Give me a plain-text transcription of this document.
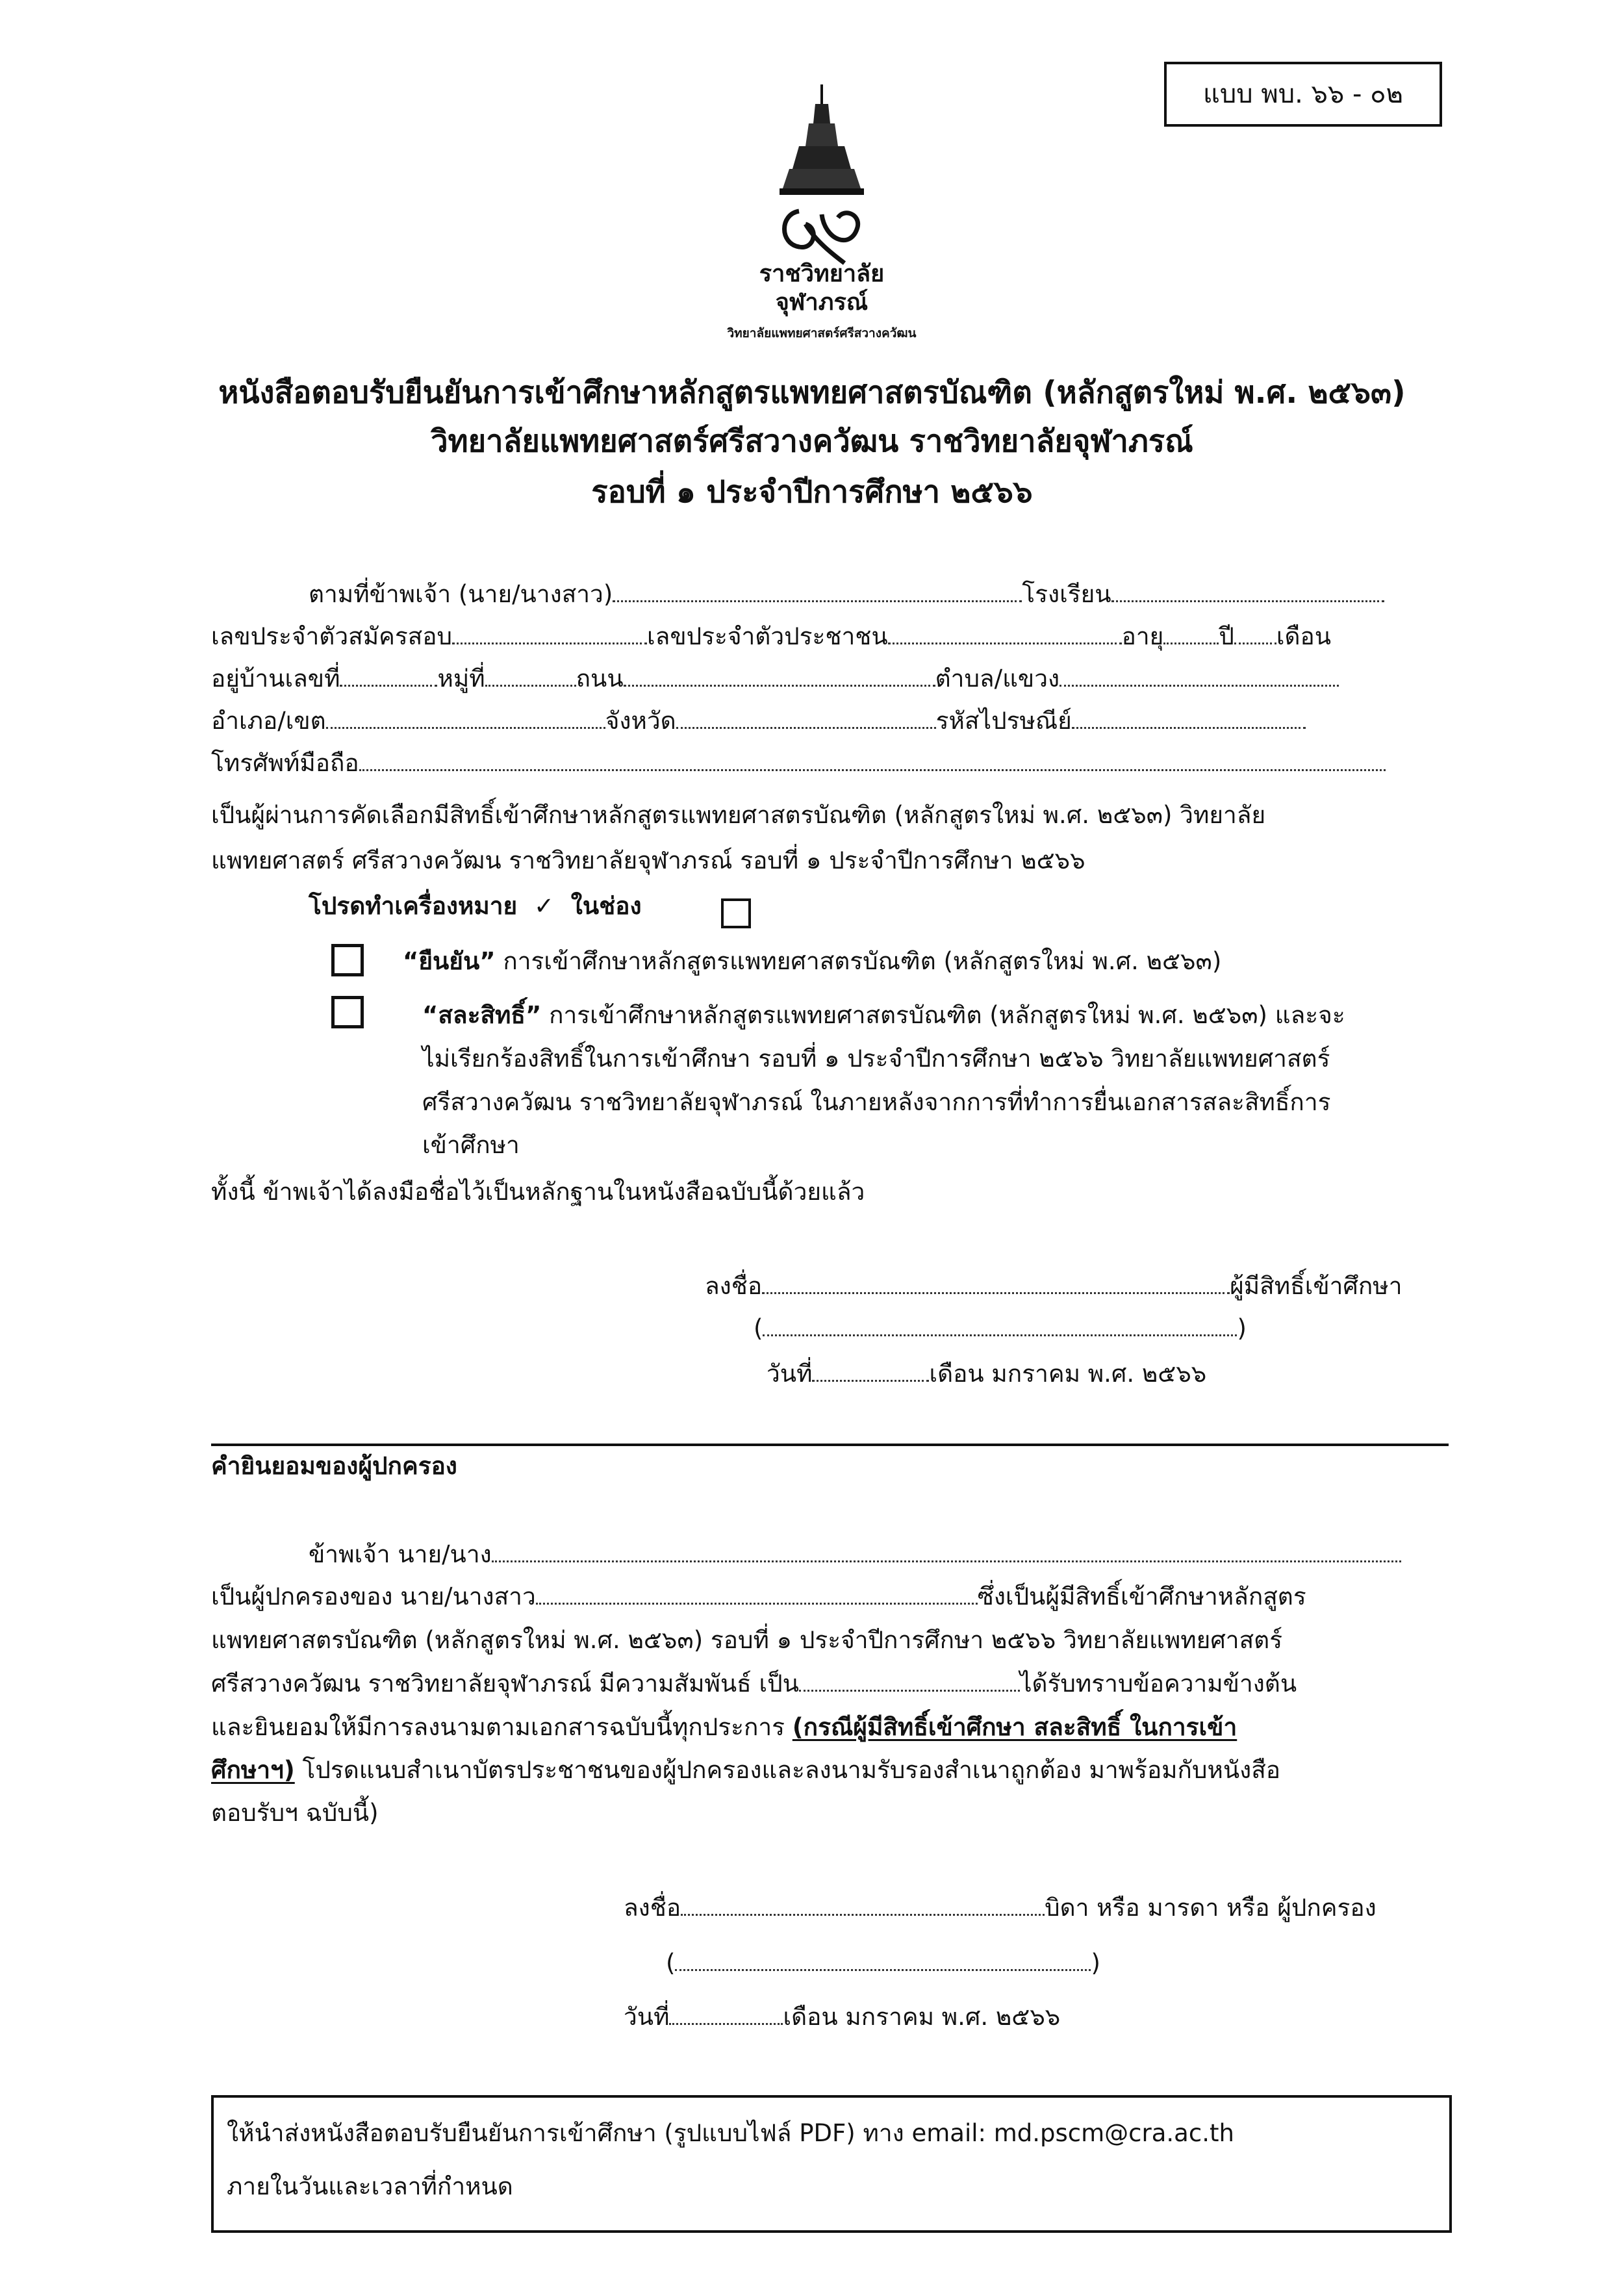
แบบ พบ. ๖๖ - ๐๒
ราชวิทยาลัย
จุฬาภรณ์
วิทยาลัยแพทยศาสตร์ศรีสวางควัฒน
หนังสือตอบรับยืนยันการเข้าศึกษาหลักสูตรแพทยศาสตรบัณฑิต (หลักสูตรใหม่ พ.ศ. ๒๕๖๓)
วิทยาลัยแพทยศาสตร์ศรีสวางควัฒน ราชวิทยาลัยจุฬาภรณ์
รอบที่ ๑ ประจำปีการศึกษา ๒๕๖๖
ตามที่ข้าพเจ้า (นาย/นางสาว)	โรงเรียน
เลขประจำตัวสมัครสอบ	เลขประจำตัวประชาชน	อายุ ปี เดือน
อยู่บ้านเลขที่	หมู่ที่	ถนน	ตำบล/แขวง
อำเภอ/เขต	จังหวัด	รหัสไปรษณีย์
โทรศัพท์มือถือ
เป็นผู้ผ่านการคัดเลือกมีสิทธิ์เข้าศึกษาหลักสูตรแพทยศาสตรบัณฑิต (หลักสูตรใหม่ พ.ศ. ๒๕๖๓) วิทยาลัย
แพทยศาสตร์ ศรีสวางควัฒน ราชวิทยาลัยจุฬาภรณ์ รอบที่ ๑ ประจำปีการศึกษา ๒๕๖๖
โปรดทำเครื่องหมาย ✓ ในช่อง
“ยืนยัน” การเข้าศึกษาหลักสูตรแพทยศาสตรบัณฑิต (หลักสูตรใหม่ พ.ศ. ๒๕๖๓)
“สละสิทธิ์” การเข้าศึกษาหลักสูตรแพทยศาสตรบัณฑิต (หลักสูตรใหม่ พ.ศ. ๒๕๖๓) และจะ
ไม่เรียกร้องสิทธิ์ในการเข้าศึกษา รอบที่ ๑ ประจำปีการศึกษา ๒๕๖๖ วิทยาลัยแพทยศาสตร์
ศรีสวางควัฒน ราชวิทยาลัยจุฬาภรณ์ ในภายหลังจากการที่ทำการยื่นเอกสารสละสิทธิ์การ
เข้าศึกษา
ทั้งนี้ ข้าพเจ้าได้ลงมือชื่อไว้เป็นหลักฐานในหนังสือฉบับนี้ด้วยแล้ว
ลงชื่อ	ผู้มีสิทธิ์เข้าศึกษา
(	)
วันที่	เดือน มกราคม พ.ศ. ๒๕๖๖
คำยินยอมของผู้ปกครอง
ข้าพเจ้า นาย/นาง
เป็นผู้ปกครองของ นาย/นางสาว	ซึ่งเป็นผู้มีสิทธิ์เข้าศึกษาหลักสูตร
แพทยศาสตรบัณฑิต (หลักสูตรใหม่ พ.ศ. ๒๕๖๓) รอบที่ ๑ ประจำปีการศึกษา ๒๕๖๖ วิทยาลัยแพทยศาสตร์
ศรีสวางควัฒน ราชวิทยาลัยจุฬาภรณ์ มีความสัมพันธ์ เป็น	ได้รับทราบข้อความข้างต้น
และยินยอมให้มีการลงนามตามเอกสารฉบับนี้ทุกประการ (กรณีผู้มีสิทธิ์เข้าศึกษา สละสิทธิ์ ในการเข้า
ศึกษาฯ) โปรดแนบสำเนาบัตรประชาชนของผู้ปกครองและลงนามรับรองสำเนาถูกต้อง มาพร้อมกับหนังสือ
ตอบรับฯ ฉบับนี้)
ลงชื่อ	บิดา หรือ มารดา หรือ ผู้ปกครอง
(	)
วันที่	เดือน มกราคม พ.ศ. ๒๕๖๖
ให้นำส่งหนังสือตอบรับยืนยันการเข้าศึกษา (รูปแบบไฟล์ PDF) ทาง email: md.pscm@cra.ac.th
ภายในวันและเวลาที่กำหนด
